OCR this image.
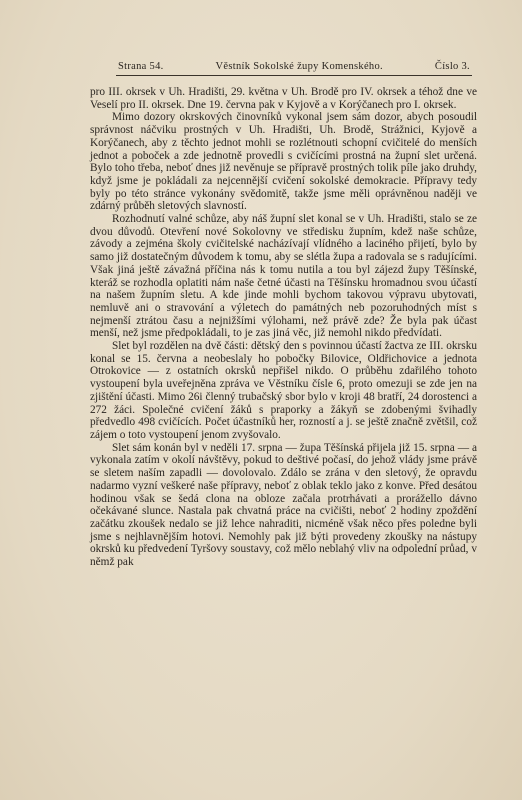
Strana 54.	Věstník Sokolské župy Komenského.	Číslo 3.

pro III. okrsek v Uh. Hradišti, 29. května v Uh. Brodě pro IV. okrsek a téhož dne ve Veselí pro II. okrsek. Dne 19. června pak v Kyjově a v Korýčanech pro I. okrsek.

Mimo dozory okrskových činovníků vykonal jsem sám dozor, abych posoudil správnost náčviku prostných v Uh. Hradišti, Uh. Brodě, Strážnici, Kyjově a Korýčanech, aby z těchto jednot mohli se rozlétnouti schopní cvičitelé do menších jednot a poboček a zde jednotně provedli s cvičícími prostná na župní slet určená. Bylo toho třeba, neboť dnes již nevěnuje se přípravě prostných tolik píle jako druhdy, když jsme je pokládali za nejcennější cvičení sokolské demokracie. Přípravy tedy byly po této stránce vykonány svědomitě, takže jsme měli oprávněnou naději ve zdárný průběh sletových slavností.

Rozhodnutí valné schůze, aby náš župní slet konal se v Uh. Hradišti, stalo se ze dvou důvodů. Otevření nové Sokolovny ve středisku župním, kdež naše schůze, závody a zejména školy cvičitelské nacházívají vlídného a laciného přijetí, bylo by samo již dostatečným důvodem k tomu, aby se slétla župa a radovala se s radujícími. Však jiná ještě závažná příčina nás k tomu nutila a tou byl zájezd župy Těšínské, kteráž se rozhodla oplatiti nám naše četné účasti na Těšínsku hromadnou svou účastí na našem župním sletu. A kde jinde mohli bychom takovou výpravu ubytovati, nemluvě ani o stravování a výletech do památných neb pozoruhodných míst s nejmenší ztrátou času a nejnižšími výlohami, než právě zde? Že byla pak účast menší, než jsme předpokládali, to je zas jiná věc, již nemohl nikdo předvídati.

Slet byl rozdělen na dvě části: dětský den s povinnou účastí žactva ze III. okrsku konal se 15. června a neobeslaly ho pobočky Bilovice, Oldřichovice a jednota Otrokovice — z ostatních okrsků nepřišel nikdo. O průběhu zdařilého tohoto vystoupení byla uveřejněna zpráva ve Věstníku čísle 6, proto omezuji se zde jen na zjištění účasti. Mimo 26i členný trubačský sbor bylo v kroji 48 bratří, 24 dorostenci a 272 žáci. Společné cvičení žáků s praporky a žákyň se zdobenými švihadly předvedlo 498 cvičících. Počet účastníků her, rozností a j. se ještě značně zvětšil, což zájem o toto vystoupení jenom zvyšovalo.

Slet sám konán byl v neděli 17. srpna — župa Těšínská přijela již 15. srpna — a vykonala zatím v okolí návštěvy, pokud to deštivé počasí, do jehož vlády jsme právě se sletem naším zapadli — dovolovalo. Zdálo se zrána v den sletový, že opravdu nadarmo vyzní veškeré naše přípravy, neboť z oblak teklo jako z konve. Před desátou hodinou však se šedá clona na obloze začala protrhávati a prorážello dávno očekávané slunce. Nastala pak chvatná práce na cvičišti, neboť 2 hodiny zpoždění začátku zkoušek nedalo se již lehce nahraditi, nicméně však něco přes poledne byli jsme s nejhlavnějším hotovi. Nemohly pak již býti provedeny zkoušky na nástupy okrsků ku předvedení Tyršovy soustavy, což mělo neblahý vliv na odpolední průad, v němž pak
